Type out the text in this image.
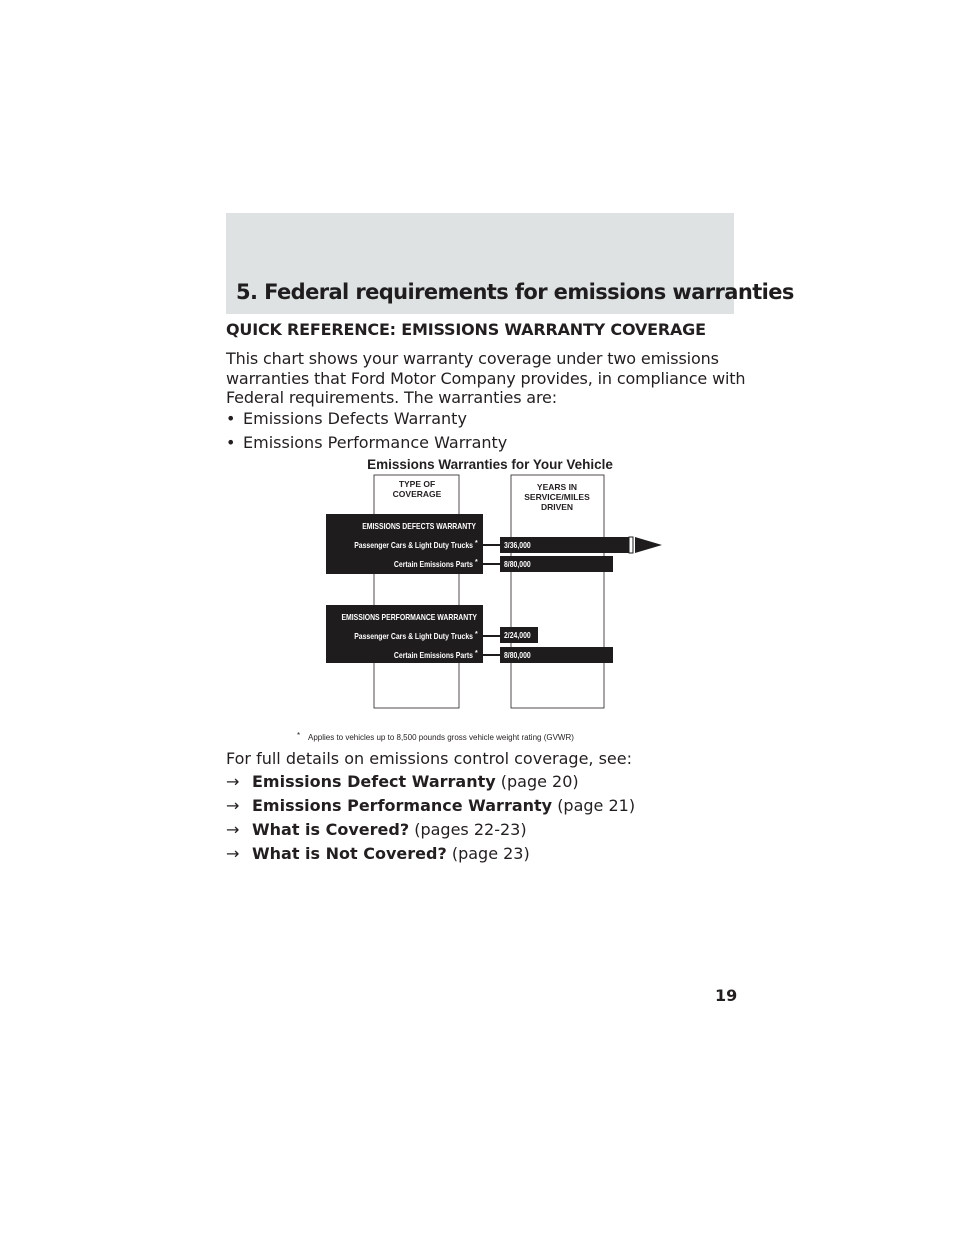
5. Federal requirements for emissions warranties
QUICK REFERENCE: EMISSIONS WARRANTY COVERAGE

This chart shows your warranty coverage under two emissions warranties that Ford Motor Company provides, in compliance with Federal requirements. The warranties are:

• Emissions Defects Warranty
• Emissions Performance Warranty
Emissions Warranties for Your Vehicle
TYPE OF
COVERAGE
YEARS IN
SERVICE/MILES
DRIVEN
EMISSIONS DEFECTS WARRANTY
Passenger Cars & Light Duty Trucks *
Certain Emissions Parts *
3/36,000
8/80,000
EMISSIONS PERFORMANCE WARRANTY
Passenger Cars & Light Duty Trucks *
Certain Emissions Parts *
2/24,000
8/80,000
* Applies to vehicles up to 8,500 pounds gross vehicle weight rating (GVWR)

For full details on emissions control coverage, see:

→ Emissions Defect Warranty (page 20)
→ Emissions Performance Warranty (page 21)
→ What is Covered? (pages 22-23)
→ What is Not Covered? (page 23)

19
